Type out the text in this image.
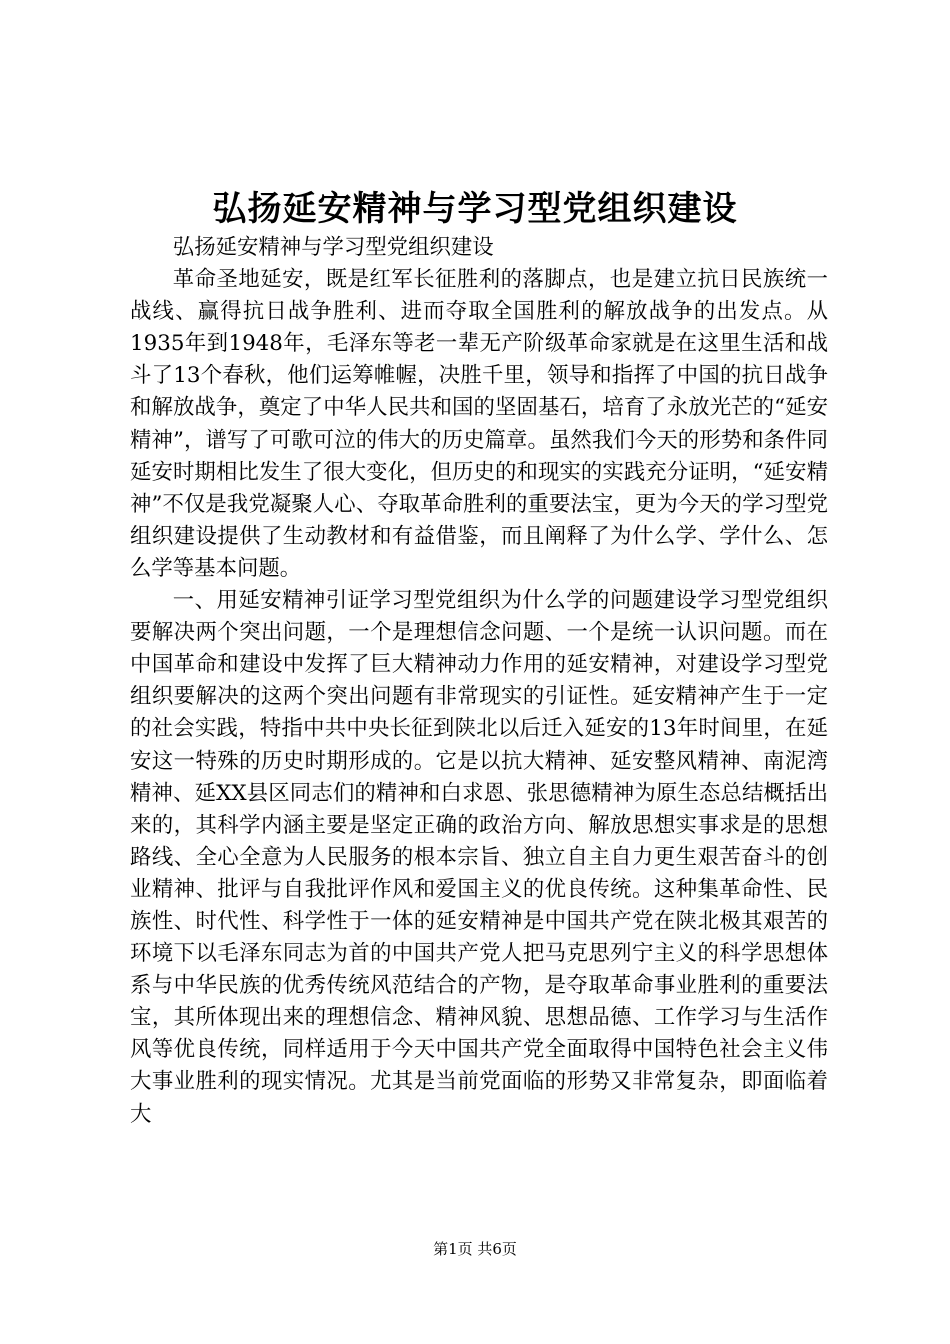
弘扬延安精神与学习型党组织建设

弘扬延安精神与学习型党组织建设

革命圣地延安，既是红军长征胜利的落脚点，也是建立抗日民族统一战线、赢得抗日战争胜利、进而夺取全国胜利的解放战争的出发点。从1935年到1948年，毛泽东等老一辈无产阶级革命家就是在这里生活和战斗了13个春秋，他们运筹帷幄，决胜千里，领导和指挥了中国的抗日战争和解放战争，奠定了中华人民共和国的坚固基石，培育了永放光芒的“延安精神”，谱写了可歌可泣的伟大的历史篇章。虽然我们今天的形势和条件同延安时期相比发生了很大变化，但历史的和现实的实践充分证明，“延安精神”不仅是我党凝聚人心、夺取革命胜利的重要法宝，更为今天的学习型党组织建设提供了生动教材和有益借鉴，而且阐释了为什么学、学什么、怎么学等基本问题。

一、用延安精神引证学习型党组织为什么学的问题建设学习型党组织要解决两个突出问题，一个是理想信念问题、一个是统一认识问题。而在中国革命和建设中发挥了巨大精神动力作用的延安精神，对建设学习型党组织要解决的这两个突出问题有非常现实的引证性。延安精神产生于一定的社会实践，特指中共中央长征到陕北以后迁入延安的13年时间里，在延安这一特殊的历史时期形成的。它是以抗大精神、延安整风精神、南泥湾精神、延XX县区同志们的精神和白求恩、张思德精神为原生态总结概括出来的，其科学内涵主要是坚定正确的政治方向、解放思想实事求是的思想路线、全心全意为人民服务的根本宗旨、独立自主自力更生艰苦奋斗的创业精神、批评与自我批评作风和爱国主义的优良传统。这种集革命性、民族性、时代性、科学性于一体的延安精神是中国共产党在陕北极其艰苦的环境下以毛泽东同志为首的中国共产党人把马克思列宁主义的科学思想体系与中华民族的优秀传统风范结合的产物，是夺取革命事业胜利的重要法宝，其所体现出来的理想信念、精神风貌、思想品德、工作学习与生活作风等优良传统，同样适用于今天中国共产党全面取得中国特色社会主义伟大事业胜利的现实情况。尤其是当前党面临的形势又非常复杂，即面临着大

第1页 共6页
